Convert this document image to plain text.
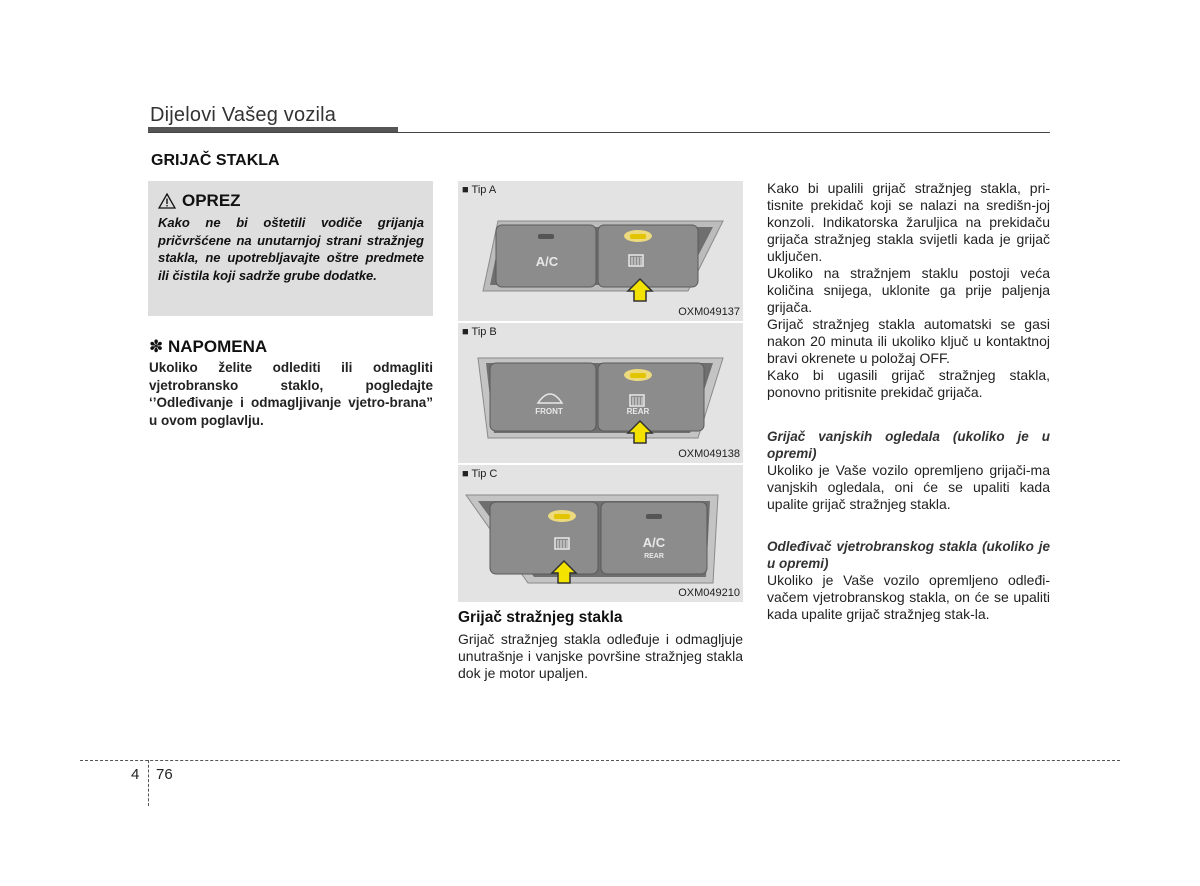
Dijelovi Vašeg vozila
GRIJAČ STAKLA
OPREZ
Kako ne bi oštetili vodiče grijanja pričvršćene na unutarnjoj strani stražnjeg stakla, ne upotrebljavajte oštre predmete ili čistila koji sadrže grube dodatke.
✽ NAPOMENA
Ukoliko želite odlediti ili odmagliti vjetrobransko staklo, pogledajte ‘’Odleđivanje i odmagljivanje vjetro-brana” u ovom poglavlju.
A/C
■ Tip A
OXM049137
FRONT	REAR
■ Tip B
OXM049138
A/C
REAR
■ Tip C
OXM049210
Grijač stražnjeg stakla
Grijač stražnjeg stakla odleđuje i odmagljuje unutrašnje i vanjske površine stražnjeg stakla dok je motor upaljen.

Kako bi upalili grijač stražnjeg stakla, pri-tisnite prekidač koji se nalazi na središn-joj konzoli. Indikatorska žaruljica na prekidaču grijača stražnjeg stakla svijetli kada je grijač uključen.

Ukoliko na stražnjem staklu postoji veća količina snijega, uklonite ga prije paljenja grijača.

Grijač stražnjeg stakla automatski se gasi nakon 20 minuta ili ukoliko ključ u kontaktnoj bravi okrenete u položaj OFF.

Kako bi ugasili grijač stražnjeg stakla, ponovno pritisnite prekidač grijača.

Grijač vanjskih ogledala (ukoliko je u opremi)

Ukoliko je Vaše vozilo opremljeno grijači-ma vanjskih ogledala, oni će se upaliti kada upalite grijač stražnjeg stakla.

Odleđivač vjetrobranskog stakla (ukoliko je u opremi)

Ukoliko je Vaše vozilo opremljeno odleđi-vačem vjetrobranskog stakla, on će se upaliti kada upalite grijač stražnjeg stak-la.

4 76
